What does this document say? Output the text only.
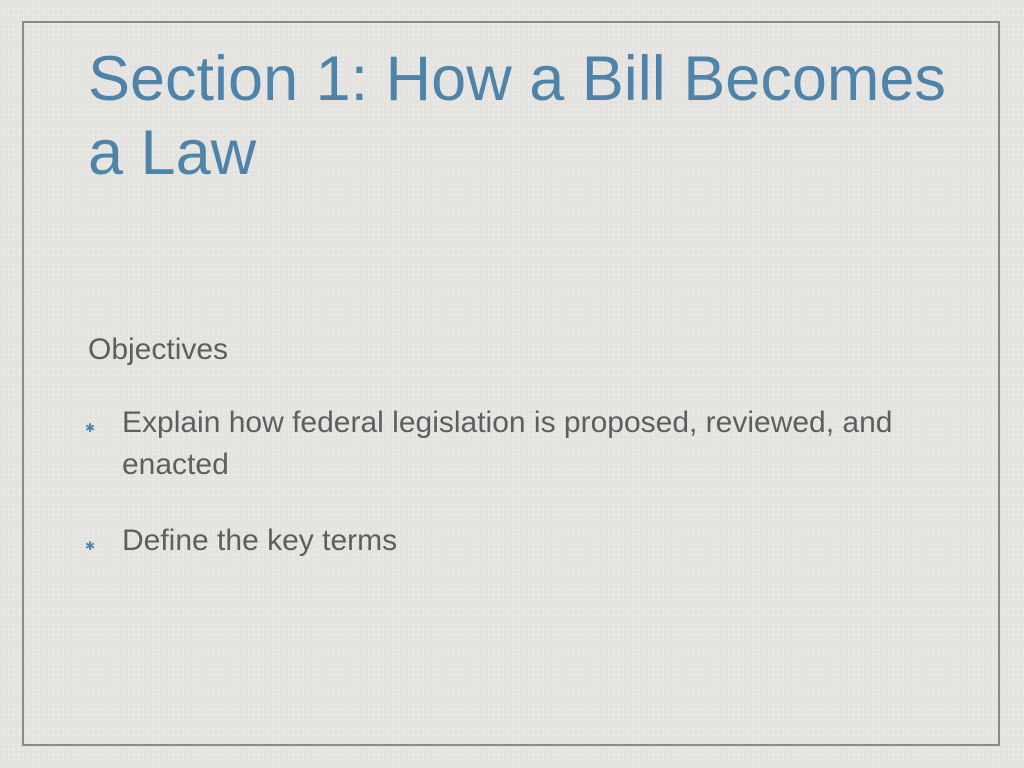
Section 1: How a Bill Becomes a Law
Objectives
✱ Explain how federal legislation is proposed, reviewed, and enacted
✱ Define the key terms
